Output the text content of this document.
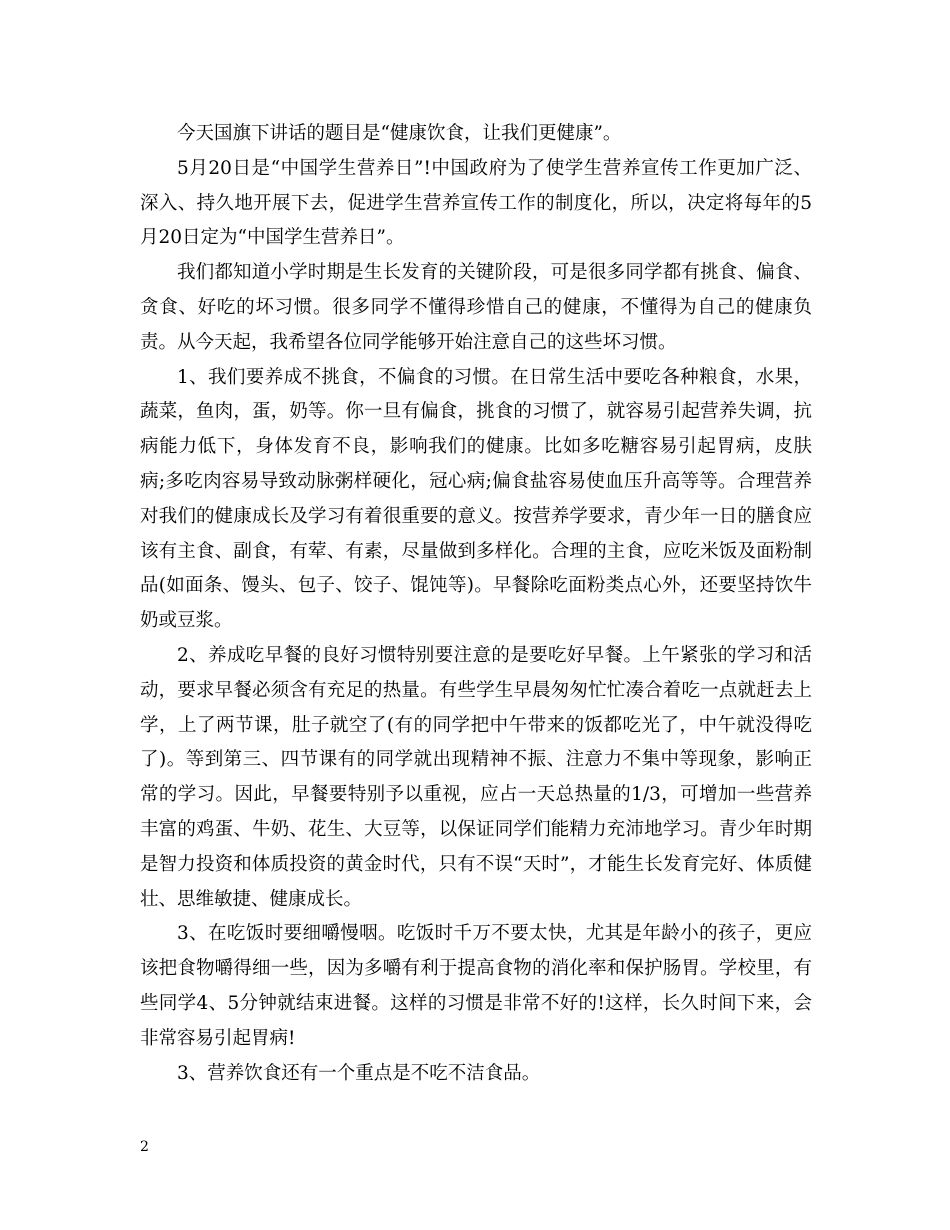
今天国旗下讲话的题目是“健康饮食，让我们更健康”。

5月20日是“中国学生营养日”!中国政府为了使学生营养宣传工作更加广泛、深入、持久地开展下去，促进学生营养宣传工作的制度化，所以，决定将每年的5月20日定为“中国学生营养日”。

我们都知道小学时期是生长发育的关键阶段，可是很多同学都有挑食、偏食、贪食、好吃的坏习惯。很多同学不懂得珍惜自己的健康，不懂得为自己的健康负责。从今天起，我希望各位同学能够开始注意自己的这些坏习惯。

1、我们要养成不挑食，不偏食的习惯。在日常生活中要吃各种粮食，水果，蔬菜，鱼肉，蛋，奶等。你一旦有偏食，挑食的习惯了，就容易引起营养失调，抗病能力低下，身体发育不良，影响我们的健康。比如多吃糖容易引起胃病，皮肤病;多吃肉容易导致动脉粥样硬化，冠心病;偏食盐容易使血压升高等等。合理营养对我们的健康成长及学习有着很重要的意义。按营养学要求，青少年一日的膳食应该有主食、副食，有荤、有素，尽量做到多样化。合理的主食，应吃米饭及面粉制品(如面条、馒头、包子、饺子、馄饨等)。早餐除吃面粉类点心外，还要坚持饮牛奶或豆浆。

2、养成吃早餐的良好习惯特别要注意的是要吃好早餐。上午紧张的学习和活动，要求早餐必须含有充足的热量。有些学生早晨匆匆忙忙凑合着吃一点就赶去上学，上了两节课，肚子就空了(有的同学把中午带来的饭都吃光了，中午就没得吃了)。等到第三、四节课有的同学就出现精神不振、注意力不集中等现象，影响正常的学习。因此，早餐要特别予以重视，应占一天总热量的1/3，可增加一些营养丰富的鸡蛋、牛奶、花生、大豆等，以保证同学们能精力充沛地学习。青少年时期是智力投资和体质投资的黄金时代，只有不误“天时”，才能生长发育完好、体质健壮、思维敏捷、健康成长。

3、在吃饭时要细嚼慢咽。吃饭时千万不要太快，尤其是年龄小的孩子，更应该把食物嚼得细一些，因为多嚼有利于提高食物的消化率和保护肠胃。学校里，有些同学4、5分钟就结束进餐。这样的习惯是非常不好的!这样，长久时间下来，会非常容易引起胃病!

3、营养饮食还有一个重点是不吃不洁食品。

2
